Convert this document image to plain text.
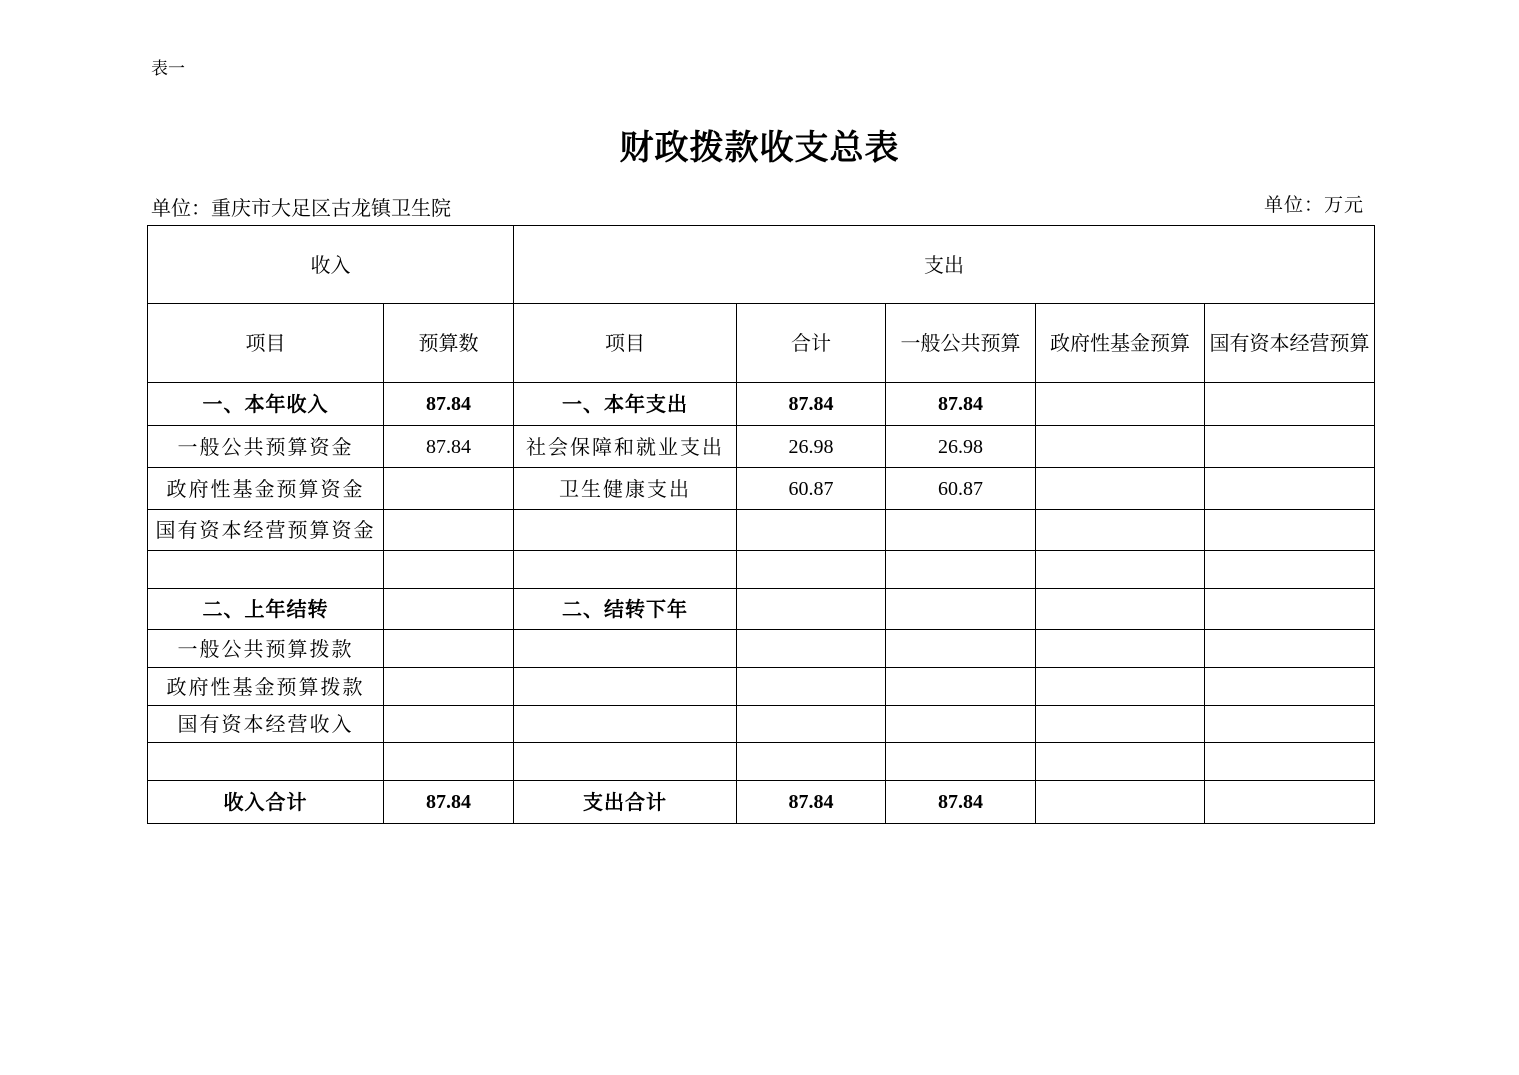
表一
财政拨款收支总表
单位：重庆市大足区古龙镇卫生院	单位：万元
收入		支出				
项目	预算数	项目	合计	一般公共预算	政府性基金预算	国有资本经营预算
一、本年收入	87.84	一、本年支出	87.84	87.84		
一般公共预算资金	87.84	社会保障和就业支出	26.98	26.98		
政府性基金预算资金		卫生健康支出	60.87	60.87		
国有资本经营预算资金						

二、上年结转		二、结转下年				
一般公共预算拨款						
政府性基金预算拨款						
国有资本经营收入						

收入合计	87.84	支出合计	87.84	87.84		
